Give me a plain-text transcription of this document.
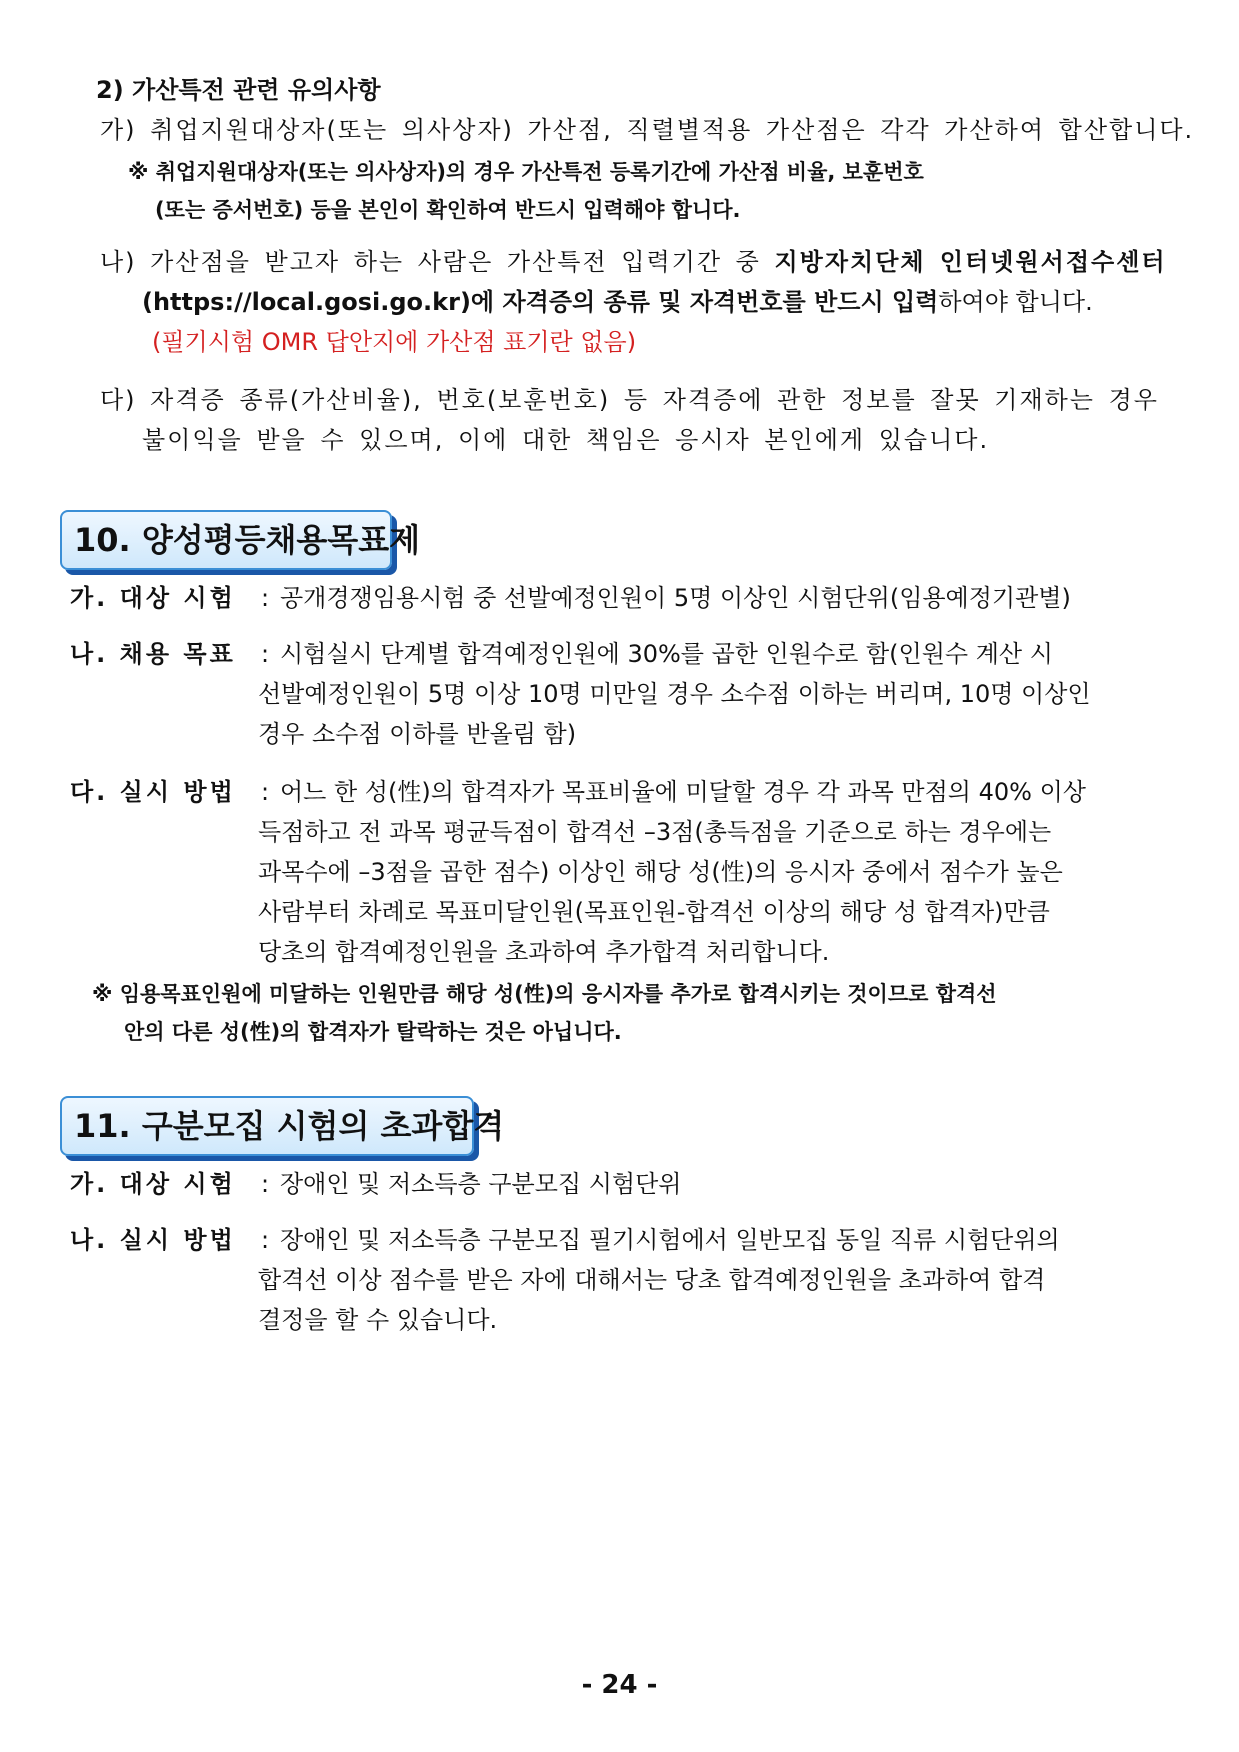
2) 가산특전 관련 유의사항
가) 취업지원대상자(또는 의사상자) 가산점, 직렬별적용 가산점은 각각 가산하여 합산합니다.
※ 취업지원대상자(또는 의사상자)의 경우 가산특전 등록기간에 가산점 비율, 보훈번호
(또는 증서번호) 등을 본인이 확인하여 반드시 입력해야 합니다.
나) 가산점을 받고자 하는 사람은 가산특전 입력기간 중 지방자치단체 인터넷원서접수센터
(https://local.gosi.go.kr)에 자격증의 종류 및 자격번호를 반드시 입력하여야 합니다.
(필기시험 OMR 답안지에 가산점 표기란 없음)
다) 자격증 종류(가산비율), 번호(보훈번호) 등 자격증에 관한 정보를 잘못 기재하는 경우
불이익을 받을 수 있으며, 이에 대한 책임은 응시자 본인에게 있습니다.
10. 양성평등채용목표제
가. 대상 시험 : 공개경쟁임용시험 중 선발예정인원이 5명 이상인 시험단위(임용예정기관별)
나. 채용 목표 : 시험실시 단계별 합격예정인원에 30%를 곱한 인원수로 함(인원수 계산 시
선발예정인원이 5명 이상 10명 미만일 경우 소수점 이하는 버리며, 10명 이상인
경우 소수점 이하를 반올림 함)
다. 실시 방법 : 어느 한 성(性)의 합격자가 목표비율에 미달할 경우 각 과목 만점의 40% 이상
득점하고 전 과목 평균득점이 합격선 –3점(총득점을 기준으로 하는 경우에는
과목수에 –3점을 곱한 점수) 이상인 해당 성(性)의 응시자 중에서 점수가 높은
사람부터 차례로 목표미달인원(목표인원-합격선 이상의 해당 성 합격자)만큼
당초의 합격예정인원을 초과하여 추가합격 처리합니다.
※ 임용목표인원에 미달하는 인원만큼 해당 성(性)의 응시자를 추가로 합격시키는 것이므로 합격선
안의 다른 성(性)의 합격자가 탈락하는 것은 아닙니다.
11. 구분모집 시험의 초과합격
가. 대상 시험 : 장애인 및 저소득층 구분모집 시험단위
나. 실시 방법 : 장애인 및 저소득층 구분모집 필기시험에서 일반모집 동일 직류 시험단위의
합격선 이상 점수를 받은 자에 대해서는 당초 합격예정인원을 초과하여 합격
결정을 할 수 있습니다.
- 24 -
